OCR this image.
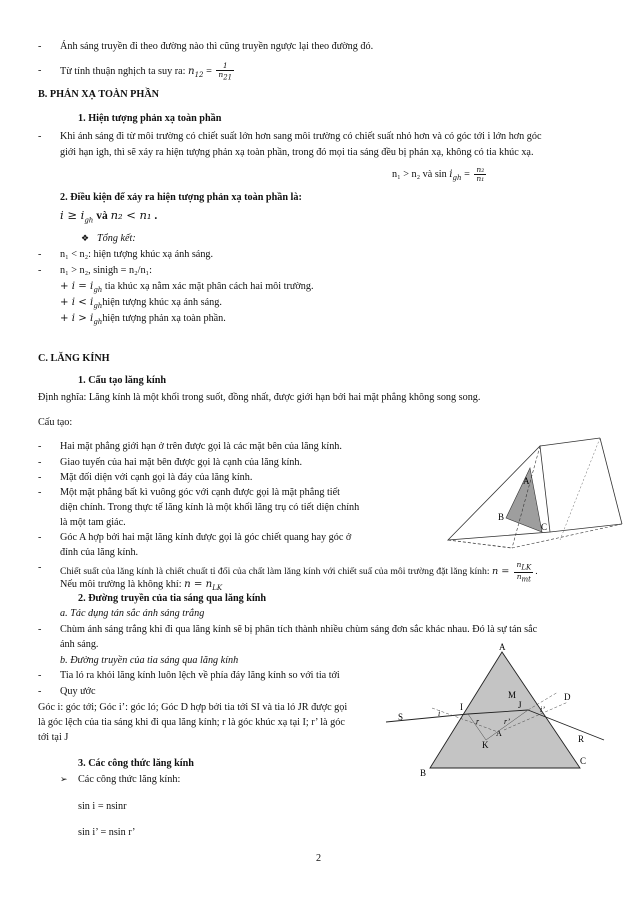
- Ánh sáng truyền đi theo đường nào thì cũng truyền ngược lại theo đường đó.
- Từ tính thuận nghịch ta suy ra: $n_{12} = \frac{1}{n_{21}}$
B. PHẢN XẠ TOÀN PHẦN
1. Hiện tượng phản xạ toàn phần
- Khi ánh sáng đi từ môi trường có chiết suất lớn hơn sang môi trường có chiết suất nhỏ hơn và có góc tới i lớn hơn góc
giới hạn igh, thì sẽ xảy ra hiện tượng phản xạ toàn phần, trong đó mọi tia sáng đều bị phản xạ, không có tia khúc xạ.
n₁ > n₂ và $\sin i_{gh} = \frac{\text{n₂}}{\text{n₁}}$
2. Điều kiện để xảy ra hiện tượng phản xạ toàn phần là:
$i \ge i_{gh}$ và n₂ < n₁ .
❖ Tổng kết:
- n₁ < n₂: hiện tượng khúc xạ ánh sáng.
- n₁ > n₂, sinigh = n₂/n₁:
+ $i = i_{gh}$ tia khúc xạ nằm xác mặt phân cách hai môi trường.
+ $i < i_{gh}hiện$ tượng khúc xạ ánh sáng.
+ $i > i_{gh}hiện$ tượng phản xạ toàn phần.
C. LĂNG KÍNH
1. Cấu tạo lăng kính
Định nghĩa: Lăng kính là một khối trong suốt, đồng nhất, được giới hạn bởi hai mặt phẳng không song song.
Cấu tạo:
- Hai mặt phẳng giới hạn ở trên được gọi là các mặt bên của lăng kính.
- Giao tuyến của hai mặt bên được gọi là cạnh của lăng kính.
- Mặt đối diện với cạnh gọi là đáy của lăng kính.
- Một mặt phẳng bất kì vuông góc với cạnh được gọi là mặt phẳng tiết
diện chính. Trong thực tế lăng kính là một khối lăng trụ có tiết diện chính
là một tam giác.
- Góc A hợp bởi hai mặt lăng kính được gọi là góc chiết quang hay góc ở
đỉnh của lăng kính.
- Chiết suất của lăng kính là chiết chuất tỉ đối của chất làm lăng kính với chiết suấ của môi trường đặt lăng kính: $n = \frac{n_{LK}}{n_{mt}}$ .
Nếu môi trường là không khí: $n = n_{LK}$
2. Đường truyền của tia sáng qua lăng kính
a. Tác dụng tán sắc ánh sáng trắng
- Chùm ánh sáng trắng khi đi qua lăng kính sẽ bị phân tích thành nhiều chùm sáng đơn sắc khác nhau. Đó là sự tán sắc
ánh sáng.
b. Đường truyền của tia sáng qua lăng kính
- Tia ló ra khỏi lăng kính luôn lệch về phía đáy lăng kính so với tia tới
- Quy ước
Góc i: góc tới; Góc i’: góc ló; Góc D hợp bởi tia tới SI và tia ló JR được gọi
là góc lệch của tia sáng khi đi qua lăng kính; r là góc khúc xạ tại I; r’ là góc
tới tại J
3. Các công thức lăng kính
➢ Các công thức lăng kính:
sin i = nsinr
sin i’ = nsin r’
2
A
B
C
A
B
C
S
I	J
K
M	D
R
i	i’
r	r’
A
